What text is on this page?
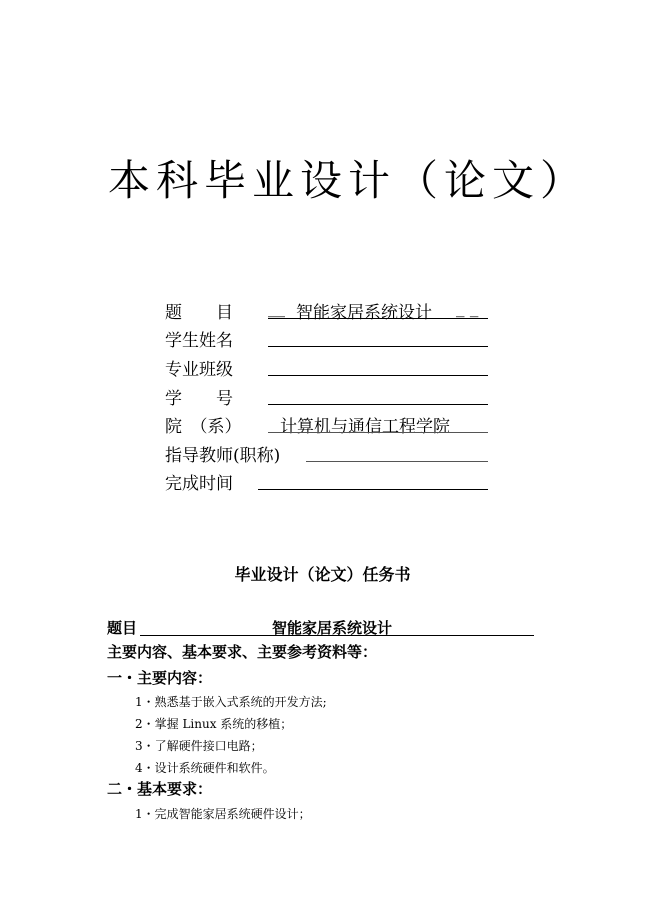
本科毕业设计（论文）
题　　目 __ 智能家居系统设计 _ _
学生姓名
专业班级
学　　号
院　（系） 计算机与通信工程学院
指导教师(职称)
完成时间
毕业设计（论文）任务书
题目	智能家居系统设计
主要内容、基本要求、主要参考资料等：
一・主要内容：
1・熟悉基于嵌入式系统的开发方法;
2・掌握 Linux 系统的移植；
3・了解硬件接口电路；
4・设计系统硬件和软件。
二・基本要求：
1・完成智能家居系统硬件设计；
